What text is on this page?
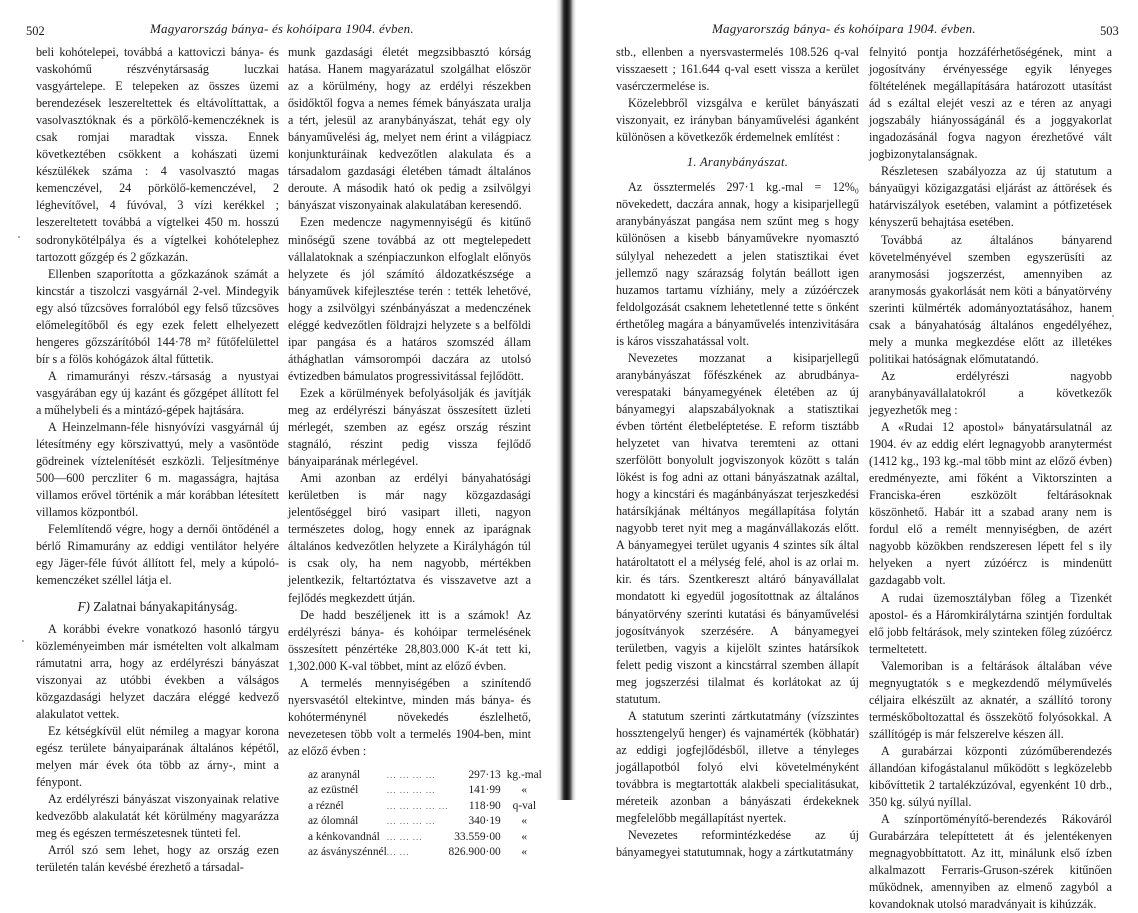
502	Magyarország bánya- és kohóipara 1904. évben.

beli kohótelepei, továbbá a kattoviczi bánya- és vaskohómű részvénytársaság luczkai vasgyártelepe. E telepeken az összes üzemi berendezések leszereltettek és eltávolíttattak, a vasolvasztóknak és a pörkölő-kemenczéknek is csak romjai maradtak vissza. Ennek következtében csökkent a kohászati üzemi készülékek száma : 4 vasolvasztó magas kemenczével, 24 pörkölő-kemenczével, 2 léghevítővel, 4 fúvóval, 3 vízi kerékkel ; leszereltetett továbbá a vígtelkei 450 m. hosszú sodronykötélpálya és a vígtelkei kohótelephez tartozott gőzgép és 2 gőzkazán.

Ellenben szaporította a gőzkazánok számát a kincstár a tiszolczi vasgyárnál 2-vel. Mindegyik egy alsó tűzcsöves forralóból egy felső tűzcsöves előmelegítőből és egy ezek felett elhelyezett hengeres gőzszárítóból 144·78 m² fűtőfelülettel bír s a fölös kohógázok által fűttetik.

A rimamurányi részv.-társaság a nyustyai vasgyárában egy új kazánt és gőzgépet állított fel a műhelybeli és a mintázó-gépek hajtására.

A Heinzelmann-féle hisnyóvízi vasgyárnál új létesítmény egy körszivattyú, mely a vasöntöde gödreinek víztelenítését eszközli. Teljesítménye 500—600 perczliter 6 m. magasságra, hajtása villamos erővel történik a már korábban létesített villamos központból.

Felemlítendő végre, hogy a dernői öntődénél a bérlő Rimamurány az eddigi ventilátor helyére egy Jäger-féle fúvót állított fel, mely a kúpoló-kemenczéket széllel látja el.

F) Zalatnai bányakapitányság.

A korábbi évekre vonatkozó hasonló tárgyu közleményeimben már ismételten volt alkalmam rámutatni arra, hogy az erdélyrészi bányászat viszonyai az utóbbi években a válságos közgazdasági helyzet daczára eléggé kedvező alakulatot vettek.

Ez kétségkívül elüt némileg a magyar korona egész területe bányaiparának általános képétől, melyen már évek óta több az árny-, mint a fénypont.

Az erdélyrészi bányászat viszonyainak relative kedvezőbb alakulatát két körülmény magyarázza meg és egészen természetesnek tünteti fel.

Arról szó sem lehet, hogy az ország ezen területén talán kevésbé érezhető a társadal-

munk gazdasági életét megzsibbasztó kórság hatása. Hanem magyarázatul szolgálhat először az a körülmény, hogy az erdélyi részekben ősidőktől fogva a nemes fémek bányászata uralja a tért, jelesül az aranybányászat, tehát egy oly bányaművelési ág, melyet nem érint a világpiacz konjunkturáinak kedvezőtlen alakulata és a társadalom gazdasági életében támadt általános deroute. A második ható ok pedig a zsilvölgyi bányászat viszonyainak alakulatában keresendő.

Ezen medencze nagymennyiségű és kitűnő minőségű szene továbbá az ott megtelepedett vállalatoknak a szénpiaczunkon elfoglalt előnyös helyzete és jól számító áldozatkészsége a bányaművek kifejlesztése terén : tették lehetővé, hogy a zsilvölgyi szénbányászat a medenczének eléggé kedvezőtlen földrajzi helyzete s a belföldi ipar pangása és a határos szomszéd állam áthághatlan vámsorompói daczára az utolsó évtizedben bámulatos progressivitással fejlődött.

Ezek a körülmények befolyásolják és javítják meg az erdélyrészi bányászat összesített üzleti mérlegét, szemben az egész ország részint stagnáló, részint pedig vissza fejlődő bányaiparának mérlegével.

Ami azonban az erdélyi bányahatósági kerületben is már nagy közgazdasági jelentőséggel biró vasipart illeti, nagyon természetes dolog, hogy ennek az iparágnak általános kedvezőtlen helyzete a Királyhágón túl is csak oly, ha nem nagyobb, mértékben jelentkezik, feltartóztatva és visszavetve azt a fejlődés megkezdett útján.

De hadd beszéljenek itt is a számok! Az erdélyrészi bánya- és kohóipar termelésének összesített pénzértéke 28,803.000 K-át tett ki, 1,302.000 K-val többet, mint az előző évben.

A termelés mennyiségében a szinítendő nyersvasétól eltekintve, minden más bánya- és kohóterménynél növekedés észlelhető, nevezetesen több volt a termelés 1904-ben, mint az előző évben :

az aranynál	... ... ... ...	297·13	kg.-mal
az ezüstnél	... ... ... ...	141·99	«
a réznél	... ... ... ... ...	118·90	q-val
az ólomnál	... ... ... ...	340·19	«
a kénkovandnál	... ... ...	33.559·00	«
az ásványszénnél	... ...	826.900·00	«
Magyarország bánya- és kohóipara 1904. évben.	503

stb., ellenben a nyersvastermelés 108.526 q-val visszaesett ; 161.644 q-val esett vissza a kerület vasérczermelése is.

Közelebbről vizsgálva e kerület bányászati viszonyait, ez irányban bányaművelési áganként különösen a következők érdemelnek említést :

1. Aranybányászat.

Az össztermelés 297·1 kg.-mal = 12%₀ növekedett, daczára annak, hogy a kisiparjellegű aranybányászat pangása nem szűnt meg s hogy különösen a kisebb bányaművekre nyomasztó súlylyal nehezedett a jelen statisztikai évet jellemző nagy szárazság folytán beállott igen huzamos tartamu vízhiány, mely a zúzóérczek feldolgozását csaknem lehetetlenné tette s önként érthetőleg magára a bányaművelés intenzivitására is káros visszahatással volt.

Nevezetes mozzanat a kisiparjellegű aranybányászat főfészkének az abrudbánya-verespataki bányamegyének életében az új bányamegyi alapszabályoknak a statisztikai évben történt életbeléptetése. E reform tisztább helyzetet van hivatva teremteni az ottani szerfölött bonyolult jogviszonyok között s talán lökést is fog adni az ottani bányászatnak azáltal, hogy a kincstári és magánbányászat terjeszkedési határsíkjának méltányos megállapítása folytán nagyobb teret nyit meg a magánvállakozás előtt. A bányamegyei terület ugyanis 4 szintes sík által határoltatott el a mélység felé, ahol is az orlai m. kir. és társ. Szentkereszt altáró bányavállalat mondatott ki egyedül jogosítottnak az általános bányatörvény szerinti kutatási és bányaművelési jogosítványok szerzésére. A bányamegyei területben, vagyis a kijelölt szintes határsíkok felett pedig viszont a kincstárral szemben állapít meg jogszerzési tilalmat és korlátokat az új statutum.

A statutum szerinti zártkutatmány (vízszintes hossztengelyű henger) és vajnamérték (köbhatár) az eddigi jogfejlődésből, illetve a tényleges jogállapotból folyó elvi követelményként továbbra is megtartották alakbeli specialitásukat, méreteik azonban a bányászati érdekeknek megfelelőbb megállapítást nyertek.

Nevezetes reformintézkedése az új bányamegyei statutumnak, hogy a zártkutatmány

felnyitó pontja hozzáférhetőségének, mint a jogosítvány érvényessége egyik lényeges föltételének megállapítására határozott utasítást ád s ezáltal elejét veszi az e téren az anyagi jogszabály hiányosságánál és a joggyakorlat ingadozásánál fogva nagyon érezhetővé vált jogbizonytalanságnak.

Részletesen szabályozza az új statutum a bányaügyi közigazgatási eljárást az áttörések és határviszályok esetében, valamint a pótfizetések kényszerű behajtása esetében.

Továbbá az általános bányarend követelményével szemben egyszerüsíti az aranymosási jogszerzést, amennyiben az aranymosás gyakorlását nem köti a bányatörvény szerinti külmérték adományoztatásához, hanem csak a bányahatóság általános engedélyéhez, mely a munka megkezdése előtt az illetékes politikai hatóságnak előmutatandó.

Az erdélyrészi nagyobb aranybányavállalatokról a következők jegyezhetők meg :

A «Rudai 12 apostol» bányatársulatnál az 1904. év az eddig elért legnagyobb aranytermést (1412 kg., 193 kg.-mal több mint az előző évben) eredményezte, ami főként a Viktorszinten a Franciska-éren eszközölt feltárásoknak köszönhető. Habár itt a szabad arany nem is fordul elő a remélt mennyiségben, de azért nagyobb közökben rendszeresen lépett fel s ily helyeken a nyert zúzóércz is mindenütt gazdagabb volt.

A rudai üzemosztályban főleg a Tizenkét apostol- és a Háromkirálytárna szintjén fordultak elő jobb feltárások, mely szinteken főleg zúzóércz termeltetett.

Valemoriban is a feltárások általában véve megnyugtatók s e megkezdendő mélyművelés céljaira elkészült az aknatér, a szállító torony terméskőboltozattal és összekötő folyósokkal. A szállítógép is már felszerelve készen áll.

A gurabárzai központi zúzóműberendezés állandóan kifogástalanul működött s legközelebb kibővíttetik 2 tartalékzúzóval, egyenként 10 drb., 350 kg. súlyú nyíllal.

A színportöményítő-berendezés Rákováról Gurabárzára telepíttetett át és jelentékenyen megnagyobbíttatott. Az itt, minálunk első ízben alkalmazott Ferraris-Gruson-szérek kitűnően működnek, amennyiben az elmenő zagyból a kovandoknak utolsó maradványait is kihúzzák.
